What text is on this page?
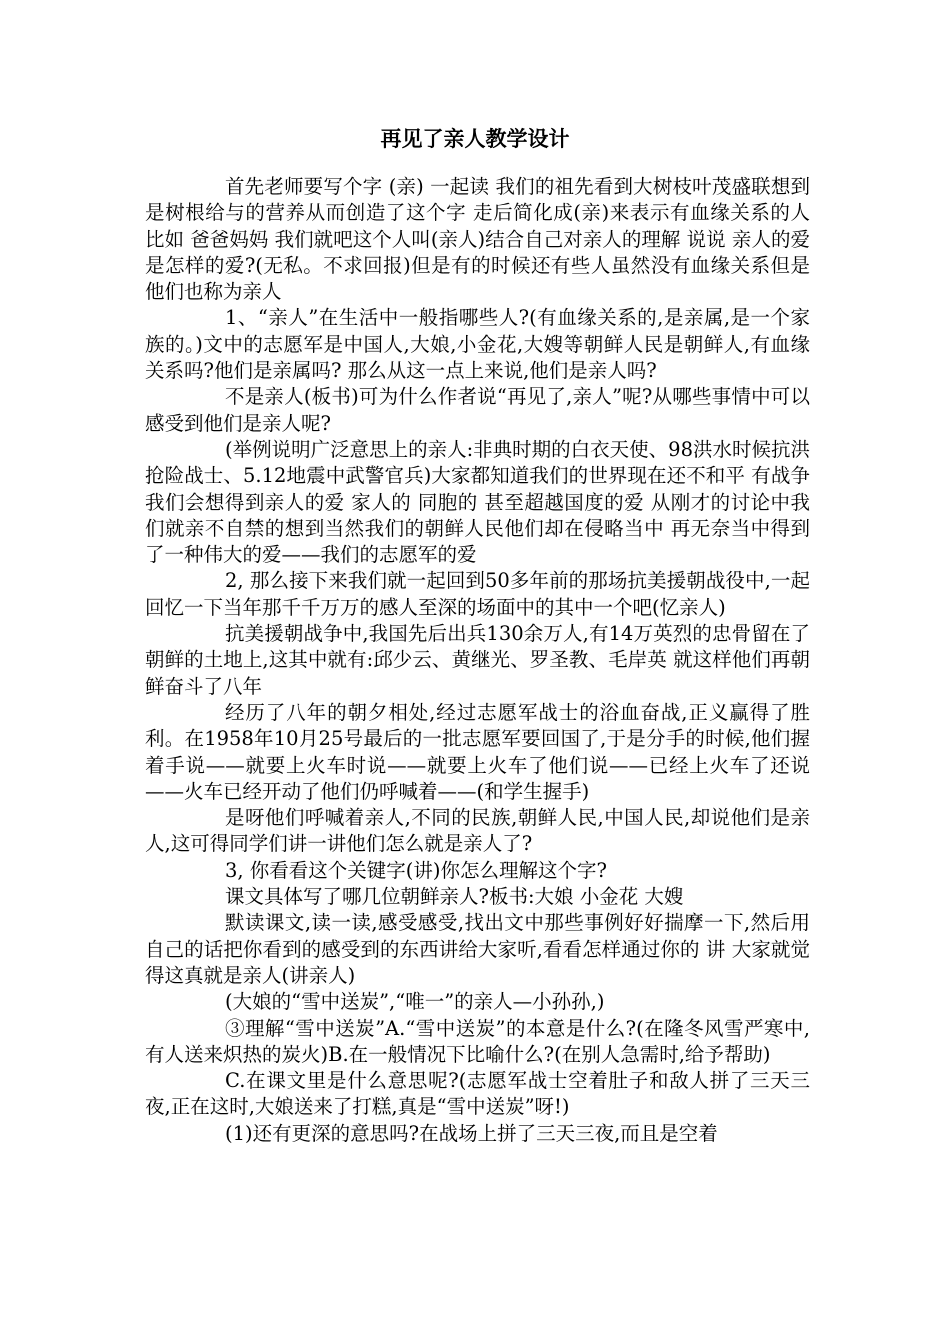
再见了亲人教学设计

首先老师要写个字 (亲) 一起读 我们的祖先看到大树枝叶茂盛联想到是树根给与的营养从而创造了这个字 走后简化成(亲)来表示有血缘关系的人 比如 爸爸妈妈 我们就吧这个人叫(亲人)结合自己对亲人的理解 说说 亲人的爱是怎样的爱?(无私。不求回报)但是有的时候还有些人虽然没有血缘关系但是他们也称为亲人

1、“亲人”在生活中一般指哪些人?(有血缘关系的,是亲属,是一个家族的。)文中的志愿军是中国人,大娘,小金花,大嫂等朝鲜人民是朝鲜人,有血缘关系吗?他们是亲属吗? 那么从这一点上来说,他们是亲人吗?

不是亲人(板书)可为什么作者说“再见了,亲人”呢?从哪些事情中可以感受到他们是亲人呢?

(举例说明广泛意思上的亲人:非典时期的白衣天使、98洪水时候抗洪抢险战士、5.12地震中武警官兵)大家都知道我们的世界现在还不和平 有战争我们会想得到亲人的爱 家人的 同胞的 甚至超越国度的爱 从刚才的讨论中我们就亲不自禁的想到当然我们的朝鲜人民他们却在侵略当中 再无奈当中得到了一种伟大的爱——我们的志愿军的爱

2, 那么接下来我们就一起回到50多年前的那场抗美援朝战役中,一起回忆一下当年那千千万万的感人至深的场面中的其中一个吧(忆亲人)

抗美援朝战争中,我国先后出兵130余万人,有14万英烈的忠骨留在了朝鲜的土地上,这其中就有:邱少云、黄继光、罗圣教、毛岸英 就这样他们再朝鲜奋斗了八年

经历了八年的朝夕相处,经过志愿军战士的浴血奋战,正义赢得了胜利。在1958年10月25号最后的一批志愿军要回国了,于是分手的时候,他们握着手说——就要上火车时说——就要上火车了他们说——已经上火车了还说——火车已经开动了他们仍呼喊着——(和学生握手)

是呀他们呼喊着亲人,不同的民族,朝鲜人民,中国人民,却说他们是亲人,这可得同学们讲一讲他们怎么就是亲人了?

3, 你看看这个关键字(讲)你怎么理解这个字?

课文具体写了哪几位朝鲜亲人?板书:大娘 小金花 大嫂

默读课文,读一读,感受感受,找出文中那些事例好好揣摩一下,然后用自己的话把你看到的感受到的东西讲给大家听,看看怎样通过你的 讲 大家就觉得这真就是亲人(讲亲人)

(大娘的“雪中送炭”,“唯一”的亲人—小孙孙,)

③理解“雪中送炭”A.“雪中送炭”的本意是什么?(在隆冬风雪严寒中,有人送来炽热的炭火)B.在一般情况下比喻什么?(在别人急需时,给予帮助)

C.在课文里是什么意思呢?(志愿军战士空着肚子和敌人拼了三天三夜,正在这时,大娘送来了打糕,真是“雪中送炭”呀!)

(1)还有更深的意思吗?在战场上拼了三天三夜,而且是空着
